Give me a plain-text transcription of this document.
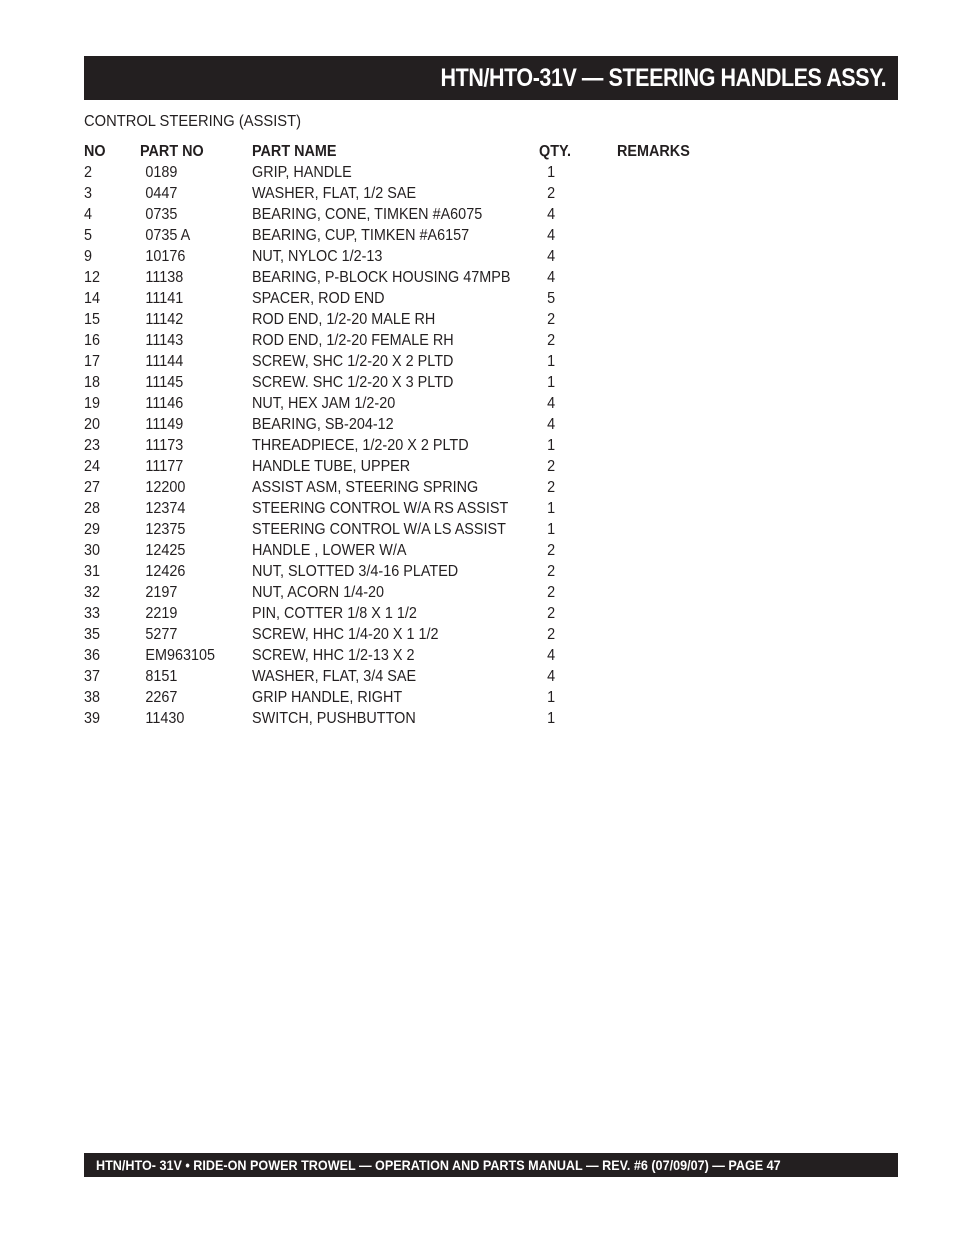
HTN/HTO-31V — STEERING HANDLES ASSY.
CONTROL STEERING (ASSIST)
NO	PART NO	PART NAME	QTY.	REMARKS
2	0189	GRIP, HANDLE	1	
3	0447	WASHER, FLAT, 1/2 SAE	2	
4	0735	BEARING, CONE, TIMKEN #A6075	4	
5	0735 A	BEARING, CUP, TIMKEN #A6157	4	
9	10176	NUT, NYLOC 1/2-13	4	
12	11138	BEARING, P-BLOCK HOUSING 47MPB	4	
14	11141	SPACER, ROD END	5	
15	11142	ROD END, 1/2-20 MALE RH	2	
16	11143	ROD END, 1/2-20 FEMALE RH	2	
17	11144	SCREW, SHC 1/2-20 X 2 PLTD	1	
18	11145	SCREW. SHC 1/2-20 X 3 PLTD	1	
19	11146	NUT, HEX JAM 1/2-20	4	
20	11149	BEARING, SB-204-12	4	
23	11173	THREADPIECE, 1/2-20 X 2 PLTD	1	
24	11177	HANDLE TUBE, UPPER	2	
27	12200	ASSIST ASM, STEERING SPRING	2	
28	12374	STEERING CONTROL W/A RS ASSIST	1	
29	12375	STEERING CONTROL W/A LS ASSIST	1	
30	12425	HANDLE , LOWER W/A	2	
31	12426	NUT, SLOTTED 3/4-16 PLATED	2	
32	2197	NUT, ACORN 1/4-20	2	
33	2219	PIN, COTTER 1/8 X 1 1/2	2	
35	5277	SCREW, HHC 1/4-20 X 1 1/2	2	
36	EM963105	SCREW, HHC 1/2-13 X 2	4	
37	8151	WASHER, FLAT, 3/4 SAE	4	
38	2267	GRIP HANDLE, RIGHT	1	
39	11430	SWITCH, PUSHBUTTON	1	
HTN/HTO- 31V • RIDE-ON POWER TROWEL — OPERATION AND PARTS MANUAL — REV. #6 (07/09/07) — PAGE 47
